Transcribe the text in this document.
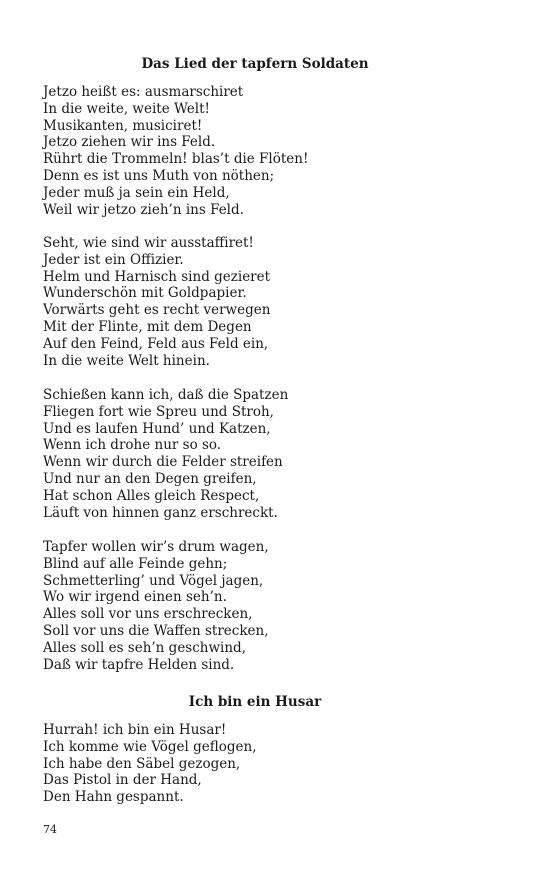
Das Lied der tapfern Soldaten
Jetzo heißt es: ausmarschiret
In die weite, weite Welt!
Musikanten, musiciret!
Jetzo ziehen wir ins Feld.
Rührt die Trommeln! blas’t die Flöten!
Denn es ist uns Muth von nöthen;
Jeder muß ja sein ein Held,
Weil wir jetzo zieh’n ins Feld.
Seht, wie sind wir ausstaffiret!
Jeder ist ein Offizier.
Helm und Harnisch sind gezieret
Wunderschön mit Goldpapier.
Vorwärts geht es recht verwegen
Mit der Flinte, mit dem Degen
Auf den Feind, Feld aus Feld ein,
In die weite Welt hinein.
Schießen kann ich, daß die Spatzen
Fliegen fort wie Spreu und Stroh,
Und es laufen Hund’ und Katzen,
Wenn ich drohe nur so so.
Wenn wir durch die Felder streifen
Und nur an den Degen greifen,
Hat schon Alles gleich Respect,
Läuft von hinnen ganz erschreckt.
Tapfer wollen wir’s drum wagen,
Blind auf alle Feinde gehn;
Schmetterling’ und Vögel jagen,
Wo wir irgend einen seh’n.
Alles soll vor uns erschrecken,
Soll vor uns die Waffen strecken,
Alles soll es seh’n geschwind,
Daß wir tapfre Helden sind.
Ich bin ein Husar
Hurrah! ich bin ein Husar!
Ich komme wie Vögel geflogen,
Ich habe den Säbel gezogen,
Das Pistol in der Hand,
Den Hahn gespannt.

74
